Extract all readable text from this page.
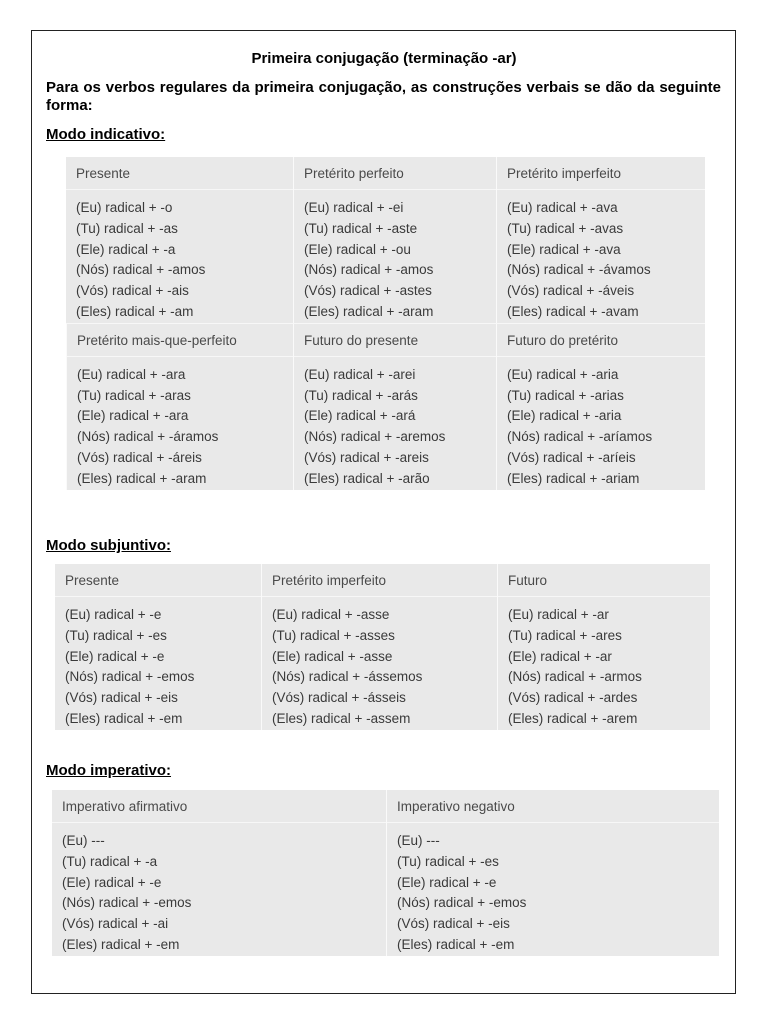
Primeira conjugação (terminação -ar)
Para os verbos regulares da primeira conjugação, as construções verbais se dão da seguinte forma:
Modo indicativo:
Presente
(Eu) radical + -o
(Tu) radical + -as
(Ele) radical + -a
(Nós) radical + -amos
(Vós) radical + -ais
(Eles) radical + -am
Pretérito perfeito
(Eu) radical + -ei
(Tu) radical + -aste
(Ele) radical + -ou
(Nós) radical + -amos
(Vós) radical + -astes
(Eles) radical + -aram
Pretérito imperfeito
(Eu) radical + -ava
(Tu) radical + -avas
(Ele) radical + -ava
(Nós) radical + -ávamos
(Vós) radical + -áveis
(Eles) radical + -avam
Pretérito mais-que-perfeito
(Eu) radical + -ara
(Tu) radical + -aras
(Ele) radical + -ara
(Nós) radical + -áramos
(Vós) radical + -áreis
(Eles) radical + -aram
Futuro do presente
(Eu) radical + -arei
(Tu) radical + -arás
(Ele) radical + -ará
(Nós) radical + -aremos
(Vós) radical + -areis
(Eles) radical + -arão
Futuro do pretérito
(Eu) radical + -aria
(Tu) radical + -arias
(Ele) radical + -aria
(Nós) radical + -aríamos
(Vós) radical + -aríeis
(Eles) radical + -ariam
Modo subjuntivo:
Presente
(Eu) radical + -e
(Tu) radical + -es
(Ele) radical + -e
(Nós) radical + -emos
(Vós) radical + -eis
(Eles) radical + -em
Pretérito imperfeito
(Eu) radical + -asse
(Tu) radical + -asses
(Ele) radical + -asse
(Nós) radical + -ássemos
(Vós) radical + -ásseis
(Eles) radical + -assem
Futuro
(Eu) radical + -ar
(Tu) radical + -ares
(Ele) radical + -ar
(Nós) radical + -armos
(Vós) radical + -ardes
(Eles) radical + -arem
Modo imperativo:
Imperativo afirmativo
(Eu) ---
(Tu) radical + -a
(Ele) radical + -e
(Nós) radical + -emos
(Vós) radical + -ai
(Eles) radical + -em
Imperativo negativo
(Eu) ---
(Tu) radical + -es
(Ele) radical + -e
(Nós) radical + -emos
(Vós) radical + -eis
(Eles) radical + -em
